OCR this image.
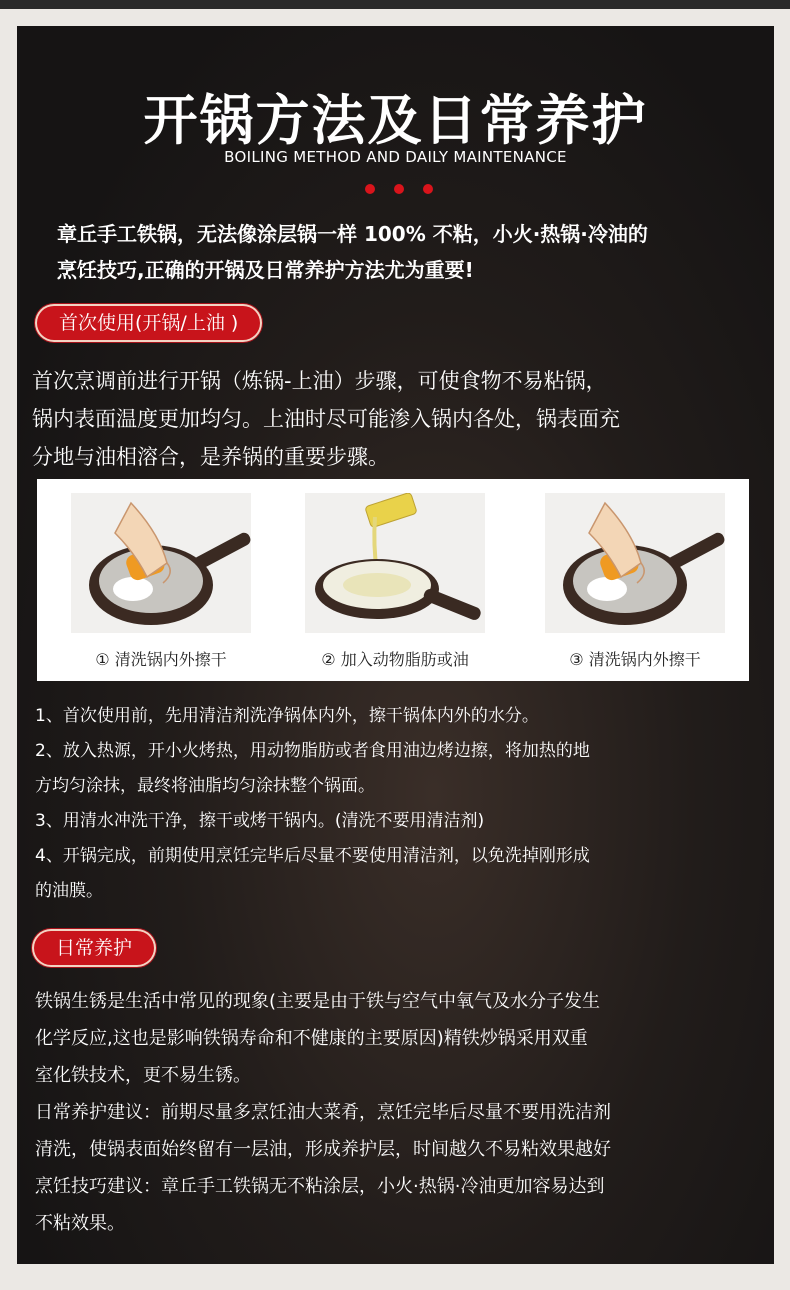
开锅方法及日常养护
BOILING METHOD AND DAILY MAINTENANCE
章丘手工铁锅，无法像涂层锅一样 100% 不粘，小火·热锅·冷油的
烹饪技巧,正确的开锅及日常养护方法尤为重要!
首次使用(开锅/上油 )
首次烹调前进行开锅（炼锅-上油）步骤，可使食物不易粘锅，
锅内表面温度更加均匀。上油时尽可能渗入锅内各处，锅表面充
分地与油相溶合，是养锅的重要步骤。
① 清洗锅内外擦干	② 加入动物脂肪或油	③ 清洗锅内外擦干
1、首次使用前，先用清洁剂洗净锅体内外，擦干锅体内外的水分。
2、放入热源，开小火烤热，用动物脂肪或者食用油边烤边擦，将加热的地
方均匀涂抹，最终将油脂均匀涂抹整个锅面。
3、用清水冲洗干净，擦干或烤干锅内。(清洗不要用清洁剂)
4、开锅完成，前期使用烹饪完毕后尽量不要使用清洁剂，以免洗掉刚形成
的油膜。
日常养护
铁锅生锈是生活中常见的现象(主要是由于铁与空气中氧气及水分子发生
化学反应,这也是影响铁锅寿命和不健康的主要原因)精铁炒锅采用双重
室化铁技术，更不易生锈。
日常养护建议：前期尽量多烹饪油大菜肴，烹饪完毕后尽量不要用洗洁剂
清洗，使锅表面始终留有一层油，形成养护层，时间越久不易粘效果越好
烹饪技巧建议：章丘手工铁锅无不粘涂层，小火·热锅·冷油更加容易达到
不粘效果。
